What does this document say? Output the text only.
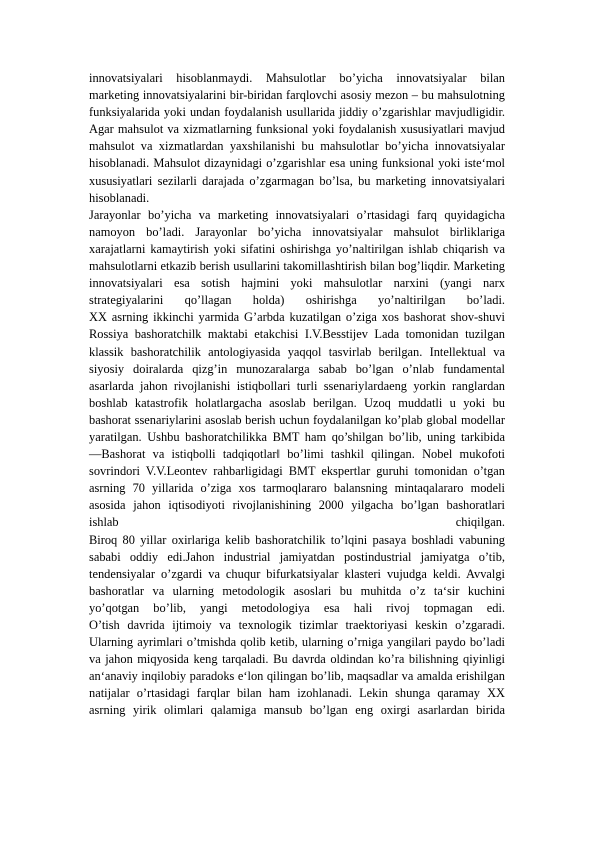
innovatsiyalari hisoblanmaydi. Mahsulotlar bo’yicha innovatsiyalar bilan marketing innovatsiyalarini bir-biridan farqlovchi asosiy mezon – bu mahsulotning funksiyalarida yoki undan foydalanish usullarida jiddiy o’zgarishlar mavjudligidir. Agar mahsulot va xizmatlarning funksional yoki foydalanish xususiyatlari mavjud mahsulot va xizmatlardan yaxshilanishi bu mahsulotlar bo’yicha innovatsiyalar hisoblanadi. Mahsulot dizaynidagi o’zgarishlar esa uning funksional yoki iste‘mol xususiyatlari sezilarli darajada o’zgarmagan bo’lsa, bu marketing innovatsiyalari hisoblanadi.

Jarayonlar bo’yicha va marketing innovatsiyalari o’rtasidagi farq quyidagicha namoyon bo’ladi. Jarayonlar bo’yicha innovatsiyalar mahsulot birliklariga xarajatlarni kamaytirish yoki sifatini oshirishga yo’naltirilgan ishlab chiqarish va mahsulotlarni etkazib berish usullarini takomillashtirish bilan bog’liqdir. Marketing innovatsiyalari esa sotish hajmini yoki mahsulotlar narxini (yangi narx strategiyalarini qo’llagan holda) oshirishga yo’naltirilgan bo’ladi.

XX asrning ikkinchi yarmida G’arbda kuzatilgan o’ziga xos bashorat shov-shuvi Rossiya bashoratchilk maktabi etakchisi I.V.Besstijev Lada tomonidan tuzilgan klassik bashoratchilik antologiyasida yaqqol tasvirlab berilgan. Intellektual va siyosiy doiralarda qizg’in munozaralarga sabab bo’lgan o’nlab fundamental asarlarda jahon rivojlanishi istiqbollari turli ssenariylardaeng yorkin ranglardan boshlab katastrofik holatlargacha asoslab berilgan. Uzoq muddatli u yoki bu bashorat ssenariylarini asoslab berish uchun foydalanilgan ko’plab global modellar yaratilgan. Ushbu bashoratchilikka BMT ham qo’shilgan bo’lib, uning tarkibida ―Bashorat va istiqbolli tadqiqotlar‖ bo’limi tashkil qilingan. Nobel mukofoti sovrindori V.V.Leontev rahbarligidagi BMT ekspertlar guruhi tomonidan o’tgan asrning 70 yillarida o’ziga xos tarmoqlararo balansning mintaqalararo modeli asosida jahon iqtisodiyoti rivojlanishining 2000 yilgacha bo’lgan bashoratlari ishlab chiqilgan.

Biroq 80 yillar oxirlariga kelib bashoratchilik to’lqini pasaya boshladi vabuning sababi oddiy edi.Jahon industrial jamiyatdan postindustrial jamiyatga o’tib, tendensiyalar o’zgardi va chuqur bifurkatsiyalar klasteri vujudga keldi. Avvalgi bashoratlar va ularning metodologik asoslari bu muhitda o’z ta‘sir kuchini yo’qotgan bo’lib, yangi metodologiya esa hali rivoj topmagan edi.

O’tish davrida ijtimoiy va texnologik tizimlar traektoriyasi keskin o’zgaradi. Ularning ayrimlari o’tmishda qolib ketib, ularning o’rniga yangilari paydo bo’ladi va jahon miqyosida keng tarqaladi. Bu davrda oldindan ko’ra bilishning qiyinligi an‘anaviy inqilobiy paradoks e‘lon qilingan bo’lib, maqsadlar va amalda erishilgan natijalar o’rtasidagi farqlar bilan ham izohlanadi. Lekin shunga qaramay XX asrning yirik olimlari qalamiga mansub bo’lgan eng oxirgi asarlardan birida
